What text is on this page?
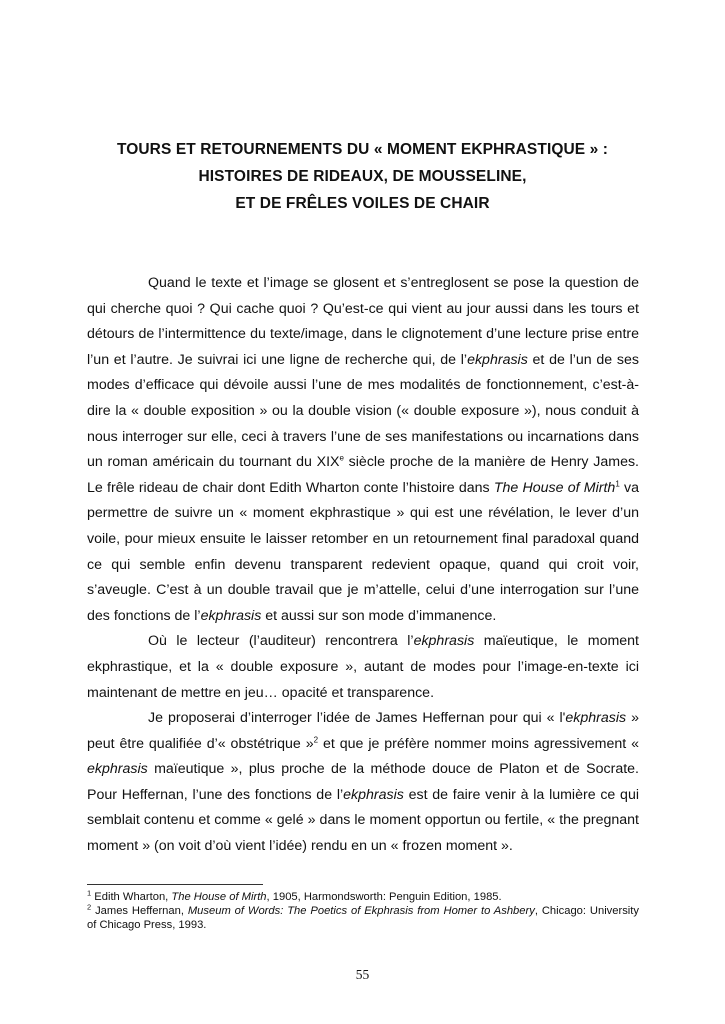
TOURS ET RETOURNEMENTS DU « MOMENT EKPHRASTIQUE » :
HISTOIRES DE RIDEAUX, DE MOUSSELINE,
ET DE FRÊLES VOILES DE CHAIR

Quand le texte et l’image se glosent et s’entreglosent se pose la question de qui cherche quoi ? Qui cache quoi ? Qu’est-ce qui vient au jour aussi dans les tours et détours de l’intermittence du texte/image, dans le clignotement d’une lecture prise entre l’un et l’autre. Je suivrai ici une ligne de recherche qui, de l’ekphrasis et de l’un de ses modes d’efficace qui dévoile aussi l’une de mes modalités de fonctionnement, c’est-à-dire la « double exposition » ou la double vision (« double exposure »), nous conduit à nous interroger sur elle, ceci à travers l’une de ses manifestations ou incarnations dans un roman américain du tournant du XIXe siècle proche de la manière de Henry James. Le frêle rideau de chair dont Edith Wharton conte l’histoire dans The House of Mirth$^1$ va permettre de suivre un « moment ekphrastique » qui est une révélation, le lever d’un voile, pour mieux ensuite le laisser retomber en un retournement final paradoxal quand ce qui semble enfin devenu transparent redevient opaque, quand qui croit voir, s’aveugle. C’est à un double travail que je m’attelle, celui d’une interrogation sur l’une des fonctions de l’ekphrasis et aussi sur son mode d’immanence.

Où le lecteur (l’auditeur) rencontrera l’ekphrasis maïeutique, le moment ekphrastique, et la « double exposure », autant de modes pour l’image-en-texte ici maintenant de mettre en jeu… opacité et transparence.

Je proposerai d’interroger l’idée de James Heffernan pour qui « l'ekphrasis » peut être qualifiée d’« obstétrique »$^2$ et que je préfère nommer moins agressivement « ekphrasis maïeutique », plus proche de la méthode douce de Platon et de Socrate. Pour Heffernan, l’une des fonctions de l’ekphrasis est de faire venir à la lumière ce qui semblait contenu et comme « gelé » dans le moment opportun ou fertile, « the pregnant moment » (on voit d’où vient l’idée) rendu en un « frozen moment ».

$^1$ Edith Wharton, The House of Mirth, 1905, Harmondsworth: Penguin Edition, 1985.

$^2$ James Heffernan, Museum of Words: The Poetics of Ekphrasis from Homer to Ashbery, Chicago: University of Chicago Press, 1993.

55
